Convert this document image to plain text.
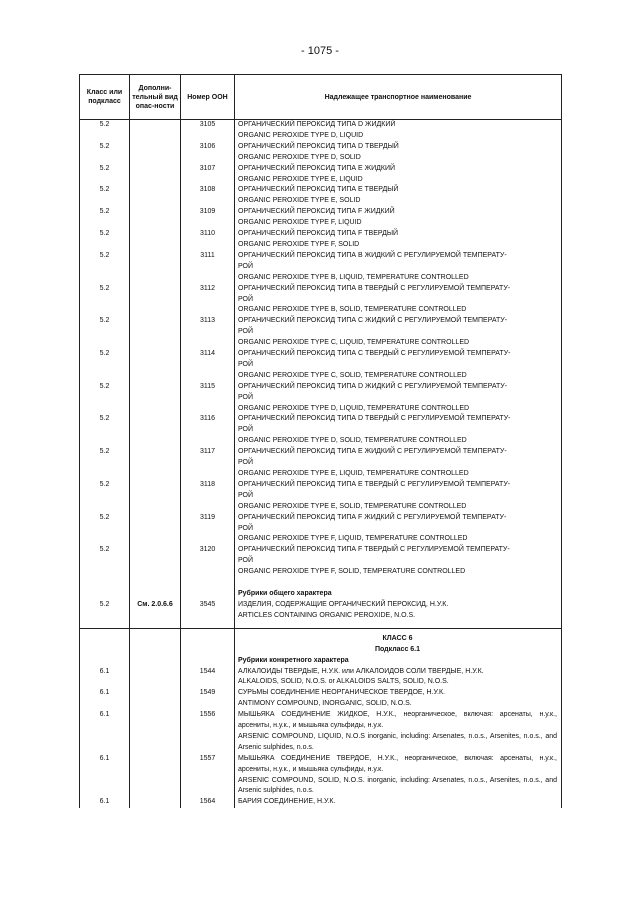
- 1075 -
Класс или подкласс	Дополни-тельный вид опас-ности	Номер ООН	Надлежащее транспортное наименование
5.2		3105	ОРГАНИЧЕСКИЙ ПЕРОКСИД ТИПА D ЖИДКИЙ
ORGANIC PEROXIDE TYPE D, LIQUID

5.2		3106	ОРГАНИЧЕСКИЙ ПЕРОКСИД ТИПА D ТВЕРДЫЙ
ORGANIC PEROXIDE TYPE D, SOLID

5.2		3107	ОРГАНИЧЕСКИЙ ПЕРОКСИД ТИПА E ЖИДКИЙ
ORGANIC PEROXIDE TYPE E, LIQUID

5.2		3108	ОРГАНИЧЕСКИЙ ПЕРОКСИД ТИПА E ТВЕРДЫЙ
ORGANIC PEROXIDE TYPE E, SOLID

5.2		3109	ОРГАНИЧЕСКИЙ ПЕРОКСИД ТИПА F ЖИДКИЙ
ORGANIC PEROXIDE TYPE F, LIQUID

5.2		3110	ОРГАНИЧЕСКИЙ ПЕРОКСИД ТИПА F ТВЕРДЫЙ
ORGANIC PEROXIDE TYPE F, SOLID

5.2		3111	ОРГАНИЧЕСКИЙ ПЕРОКСИД ТИПА B ЖИДКИЙ С РЕГУЛИРУЕМОЙ ТЕМПЕРАТУ-
РОЙ
ORGANIC PEROXIDE TYPE B, LIQUID, TEMPERATURE CONTROLLED

5.2		3112	ОРГАНИЧЕСКИЙ ПЕРОКСИД ТИПА B ТВЕРДЫЙ С РЕГУЛИРУЕМОЙ ТЕМПЕРАТУ-
РОЙ
ORGANIC PEROXIDE TYPE B, SOLID, TEMPERATURE CONTROLLED

5.2		3113	ОРГАНИЧЕСКИЙ ПЕРОКСИД ТИПА C ЖИДКИЙ С РЕГУЛИРУЕМОЙ ТЕМПЕРАТУ-
РОЙ
ORGANIC PEROXIDE TYPE C, LIQUID, TEMPERATURE CONTROLLED

5.2		3114	ОРГАНИЧЕСКИЙ ПЕРОКСИД ТИПА C ТВЕРДЫЙ С РЕГУЛИРУЕМОЙ ТЕМПЕРАТУ-
РОЙ
ORGANIC PEROXIDE TYPE C, SOLID, TEMPERATURE CONTROLLED

5.2		3115	ОРГАНИЧЕСКИЙ ПЕРОКСИД ТИПА D ЖИДКИЙ С РЕГУЛИРУЕМОЙ ТЕМПЕРАТУ-
РОЙ
ORGANIC PEROXIDE TYPE D, LIQUID, TEMPERATURE CONTROLLED

5.2		3116	ОРГАНИЧЕСКИЙ ПЕРОКСИД ТИПА D ТВЕРДЫЙ С РЕГУЛИРУЕМОЙ ТЕМПЕРАТУ-
РОЙ
ORGANIC PEROXIDE TYPE D, SOLID, TEMPERATURE CONTROLLED

5.2		3117	ОРГАНИЧЕСКИЙ ПЕРОКСИД ТИПА E ЖИДКИЙ С РЕГУЛИРУЕМОЙ ТЕМПЕРАТУ-
РОЙ
ORGANIC PEROXIDE TYPE E, LIQUID, TEMPERATURE CONTROLLED

5.2		3118	ОРГАНИЧЕСКИЙ ПЕРОКСИД ТИПА E ТВЕРДЫЙ С РЕГУЛИРУЕМОЙ ТЕМПЕРАТУ-
РОЙ
ORGANIC PEROXIDE TYPE E, SOLID, TEMPERATURE CONTROLLED

5.2		3119	ОРГАНИЧЕСКИЙ ПЕРОКСИД ТИПА F ЖИДКИЙ С РЕГУЛИРУЕМОЙ ТЕМПЕРАТУ-
РОЙ
ORGANIC PEROXIDE TYPE F, LIQUID, TEMPERATURE CONTROLLED

5.2		3120	ОРГАНИЧЕСКИЙ ПЕРОКСИД ТИПА F ТВЕРДЫЙ С РЕГУЛИРУЕМОЙ ТЕМПЕРАТУ-
РОЙ
ORGANIC PEROXIDE TYPE F, SOLID, TEMPERATURE CONTROLLED

			Рубрики общего характера

5.2	См. 2.0.6.6	3545	ИЗДЕЛИЯ, СОДЕРЖАЩИЕ ОРГАНИЧЕСКИЙ ПЕРОКСИД, Н.У.К.
ARTICLES CONTAINING ORGANIC PEROXIDE, N.O.S.

			КЛАСС 6
Подкласс 6.1
Рубрики конкретного характера

6.1		1544	АЛКАЛОИДЫ ТВЕРДЫЕ, Н.У.К. или АЛКАЛОИДОВ СОЛИ ТВЕРДЫЕ, Н.У.К.
ALKALOIDS, SOLID, N.O.S. or ALKALOIDS SALTS, SOLID, N.O.S.

6.1		1549	СУРЬМЫ СОЕДИНЕНИЕ НЕОРГАНИЧЕСКОЕ ТВЕРДОЕ, Н.У.К.
ANTIMONY COMPOUND, INORGANIC, SOLID, N.O.S.

6.1		1556	МЫШЬЯКА СОЕДИНЕНИЕ ЖИДКОЕ, Н.У.К., неорганическое, включая: арсенаты, н.у.к., арсениты, н.у.к., и мышьяка сульфиды, н.у.к.
ARSENIC COMPOUND, LIQUID, N.O.S inorganic, including: Arsenates, n.o.s., Arsenites, n.o.s., and Arsenic sulphides, n.o.s.

6.1		1557	МЫШЬЯКА СОЕДИНЕНИЕ ТВЕРДОЕ, Н.У.К., неорганическое, включая: арсенаты, н.у.к., арсениты, н.у.к., и мышьяка сульфиды, н.у.к.
ARSENIC COMPOUND, SOLID, N.O.S. inorganic, including: Arsenates, n.o.s., Arsenites, n.o.s., and Arsenic sulphides, n.o.s.

6.1		1564	БАРИЯ СОЕДИНЕНИЕ, Н.У.К.
